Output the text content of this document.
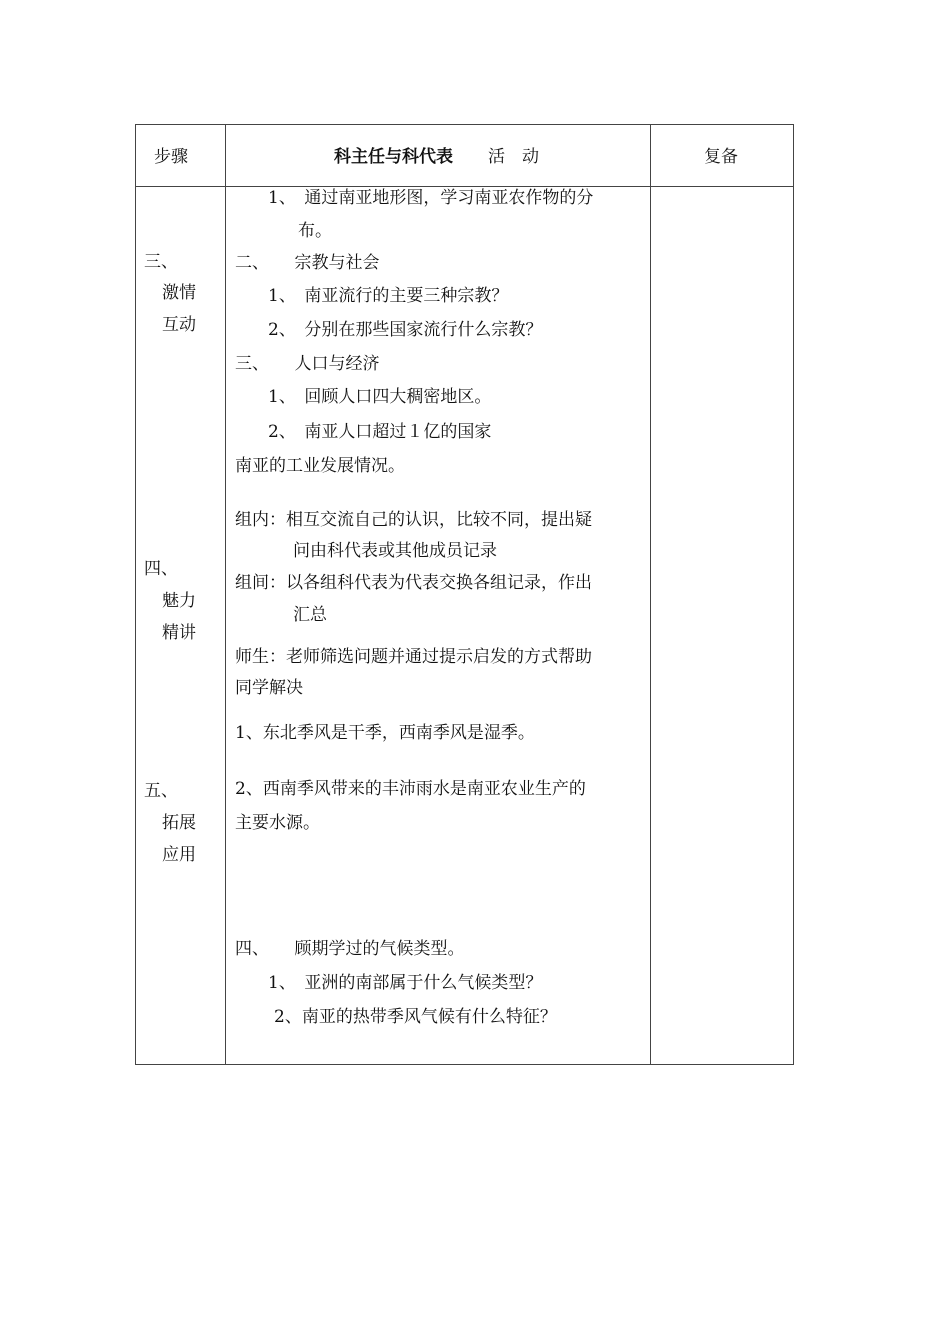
步骤	科主任与科代表 活　动	复备
三、
激情
互动
四、
魅力
精讲
五、
拓展
应用
1、　通过南亚地形图，学习南亚农作物的分
布。
二、　　宗教与社会
1、　南亚流行的主要三种宗教？
2、　分别在那些国家流行什么宗教？
三、　　人口与经济
1、　回顾人口四大稠密地区。
2、　南亚人口超过１亿的国家
南亚的工业发展情况。
组内：相互交流自己的认识，比较不同，提出疑
问由科代表或其他成员记录
组间：以各组科代表为代表交换各组记录，作出
汇总
师生：老师筛选问题并通过提示启发的方式帮助
同学解决
1、东北季风是干季，西南季风是湿季。
2、西南季风带来的丰沛雨水是南亚农业生产的
主要水源。
四、　　顾期学过的气候类型。
1、　亚洲的南部属于什么气候类型？
2、南亚的热带季风气候有什么特征？
